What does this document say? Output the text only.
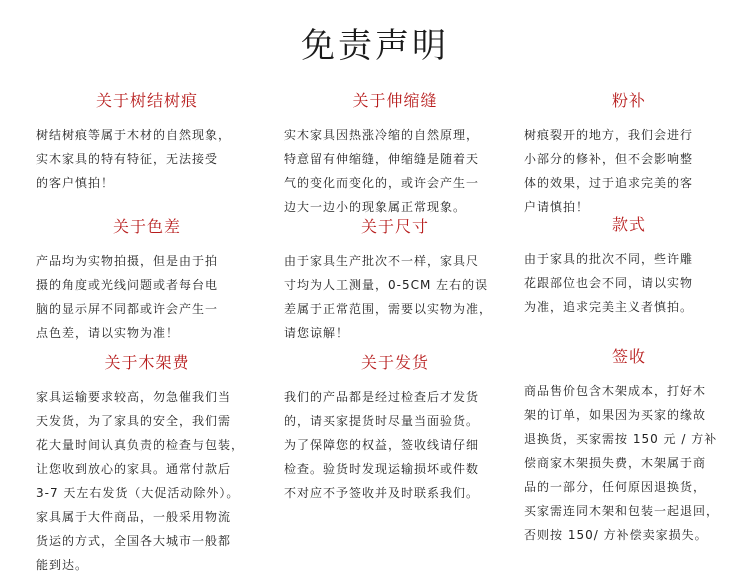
免责声明
关于树结树痕

树结树痕等属于木材的自然现象，

实木家具的特有特征，无法接受

的客户慎拍！

关于伸缩缝

实木家具因热涨冷缩的自然原理，

特意留有伸缩缝，伸缩缝是随着天

气的变化而变化的，或许会产生一

边大一边小的现象属正常现象。

粉补

树痕裂开的地方，我们会进行

小部分的修补，但不会影响整

体的效果，过于追求完美的客

户请慎拍！

关于色差

产品均为实物拍摄，但是由于拍

摄的角度或光线问题或者每台电

脑的显示屏不同都或许会产生一

点色差，请以实物为准！

关于尺寸

由于家具生产批次不一样，家具尺

寸均为人工测量，0-5CM 左右的误

差属于正常范围，需要以实物为准，

请您谅解！

款式

由于家具的批次不同，些许雕

花跟部位也会不同，请以实物

为准，追求完美主义者慎拍。

关于木架费

家具运输要求较高，勿急催我们当

天发货，为了家具的安全，我们需

花大量时间认真负责的检查与包装，

让您收到放心的家具。通常付款后

3-7 天左右发货（大促活动除外）。

家具属于大件商品，一般采用物流

货运的方式，全国各大城市一般都

能到达。

关于发货

我们的产品都是经过检查后才发货

的，请买家提货时尽量当面验货。

为了保障您的权益，签收线请仔细

检查。验货时发现运输损坏或件数

不对应不予签收并及时联系我们。

签收

商品售价包含木架成本，打好木

架的订单，如果因为买家的缘故

退换货，买家需按 150 元 / 方补

偿商家木架损失费，木架属于商

品的一部分，任何原因退换货，

买家需连同木架和包装一起退回，

否则按 150/ 方补偿卖家损失。
